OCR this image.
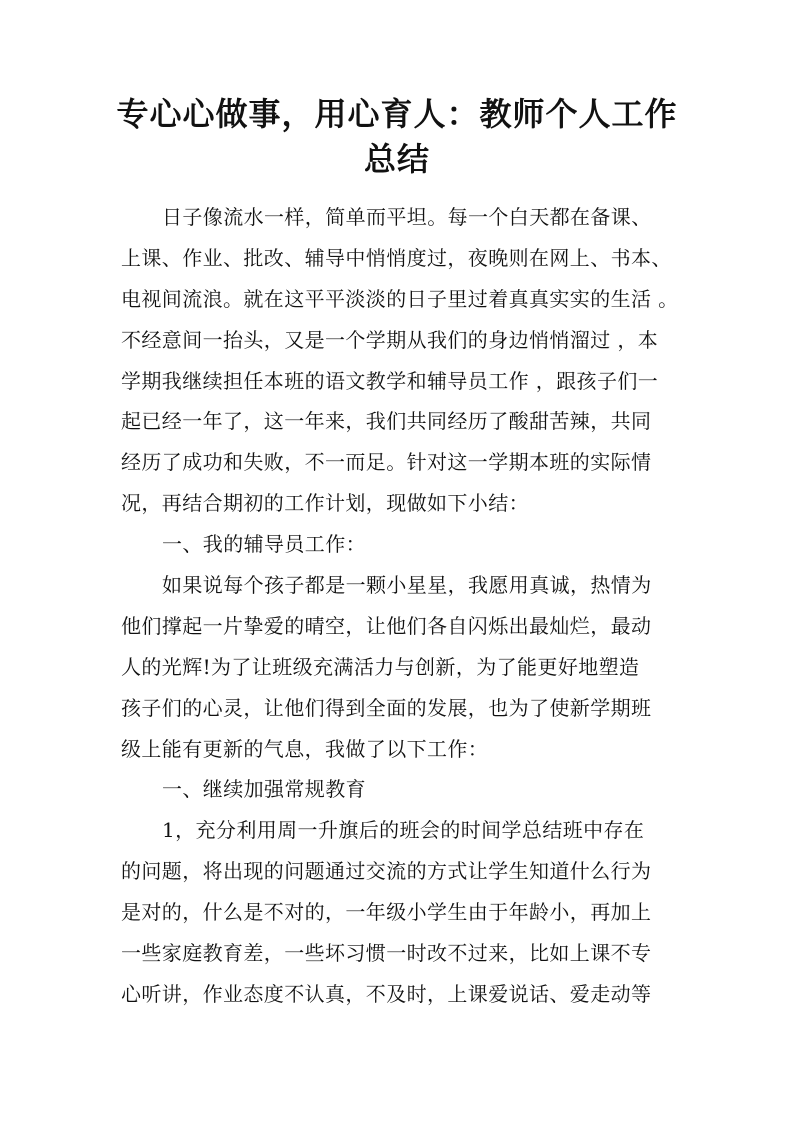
专心心做事，用心育人：教师个人工作
总结

日子像流水一样，简单而平坦。每一个白天都在备课、

上课、作业、批改、辅导中悄悄度过，夜晚则在网上、书本、

电视间流浪。就在这平平淡淡的日子里过着真真实实的生活 。

不经意间一抬头，又是一个学期从我们的身边悄悄溜过 ，本

学期我继续担任本班的语文教学和辅导员工作 ，跟孩子们一

起已经一年了，这一年来，我们共同经历了酸甜苦辣，共同

经历了成功和失败，不一而足。针对这一学期本班的实际情

况，再结合期初的工作计划，现做如下小结：

一、我的辅导员工作：

如果说每个孩子都是一颗小星星，我愿用真诚，热情为

他们撑起一片挚爱的晴空，让他们各自闪烁出最灿烂，最动

人的光辉!为了让班级充满活力与创新，为了能更好地塑造

孩子们的心灵，让他们得到全面的发展，也为了使新学期班

级上能有更新的气息，我做了以下工作：

一、继续加强常规教育

1，充分利用周一升旗后的班会的时间学总结班中存在

的问题，将出现的问题通过交流的方式让学生知道什么行为

是对的，什么是不对的，一年级小学生由于年龄小，再加上

一些家庭教育差，一些坏习惯一时改不过来，比如上课不专

心听讲，作业态度不认真，不及时，上课爱说话、爱走动等
